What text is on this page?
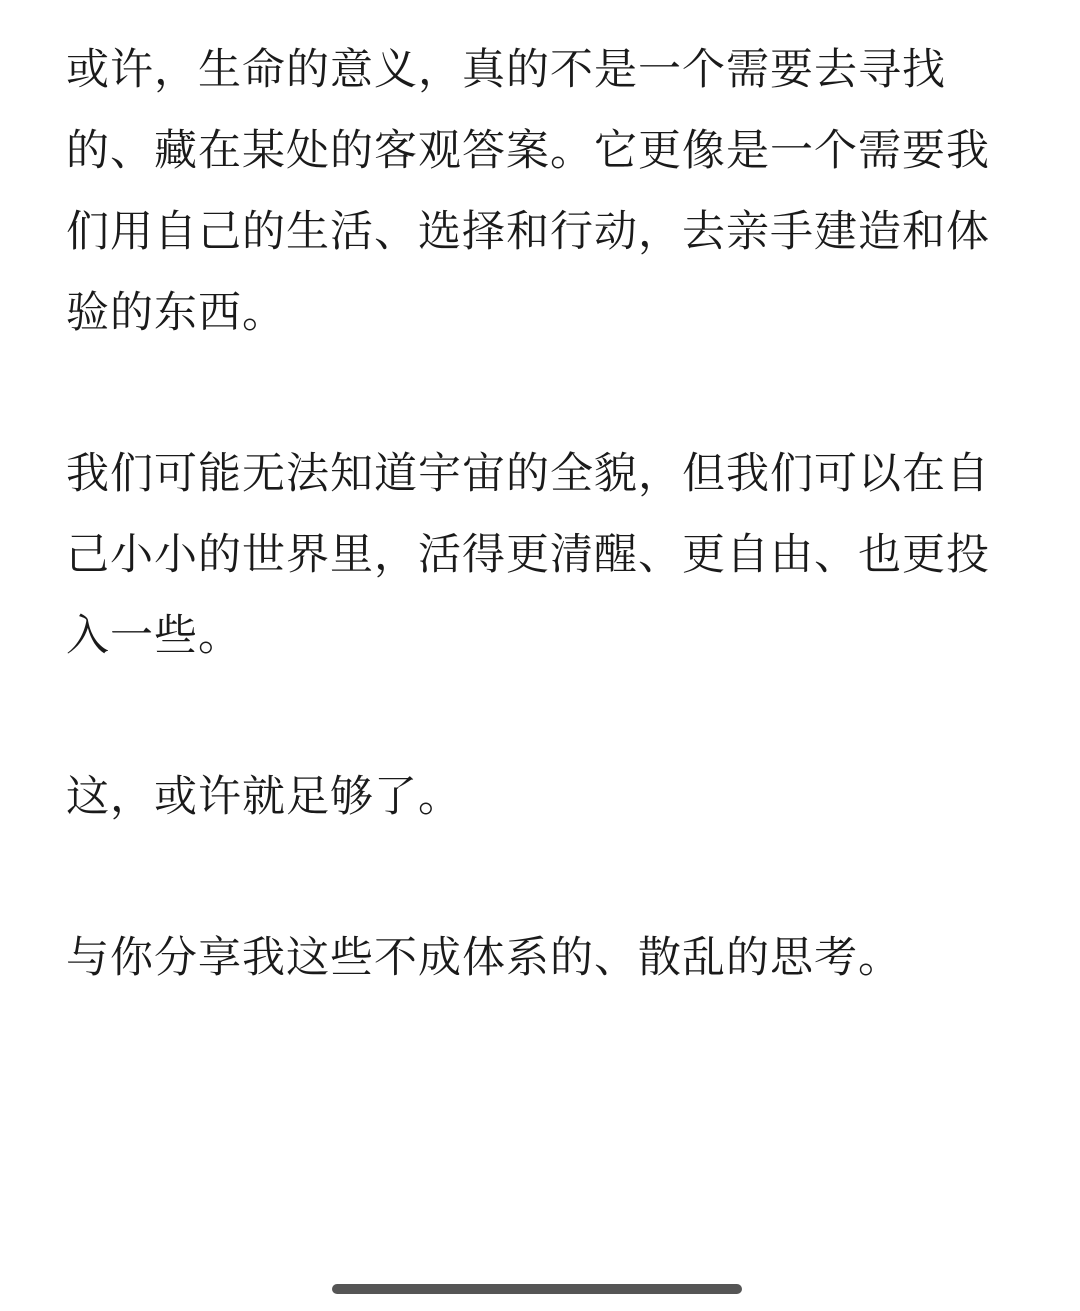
或许，生命的意义，真的不是一个需要去寻找
的、藏在某处的客观答案。它更像是一个需要我
们用自己的生活、选择和行动，去亲手建造和体
验的东西。

我们可能无法知道宇宙的全貌，但我们可以在自
己小小的世界里，活得更清醒、更自由、也更投
入一些。

这，或许就足够了。

与你分享我这些不成体系的、散乱的思考。
